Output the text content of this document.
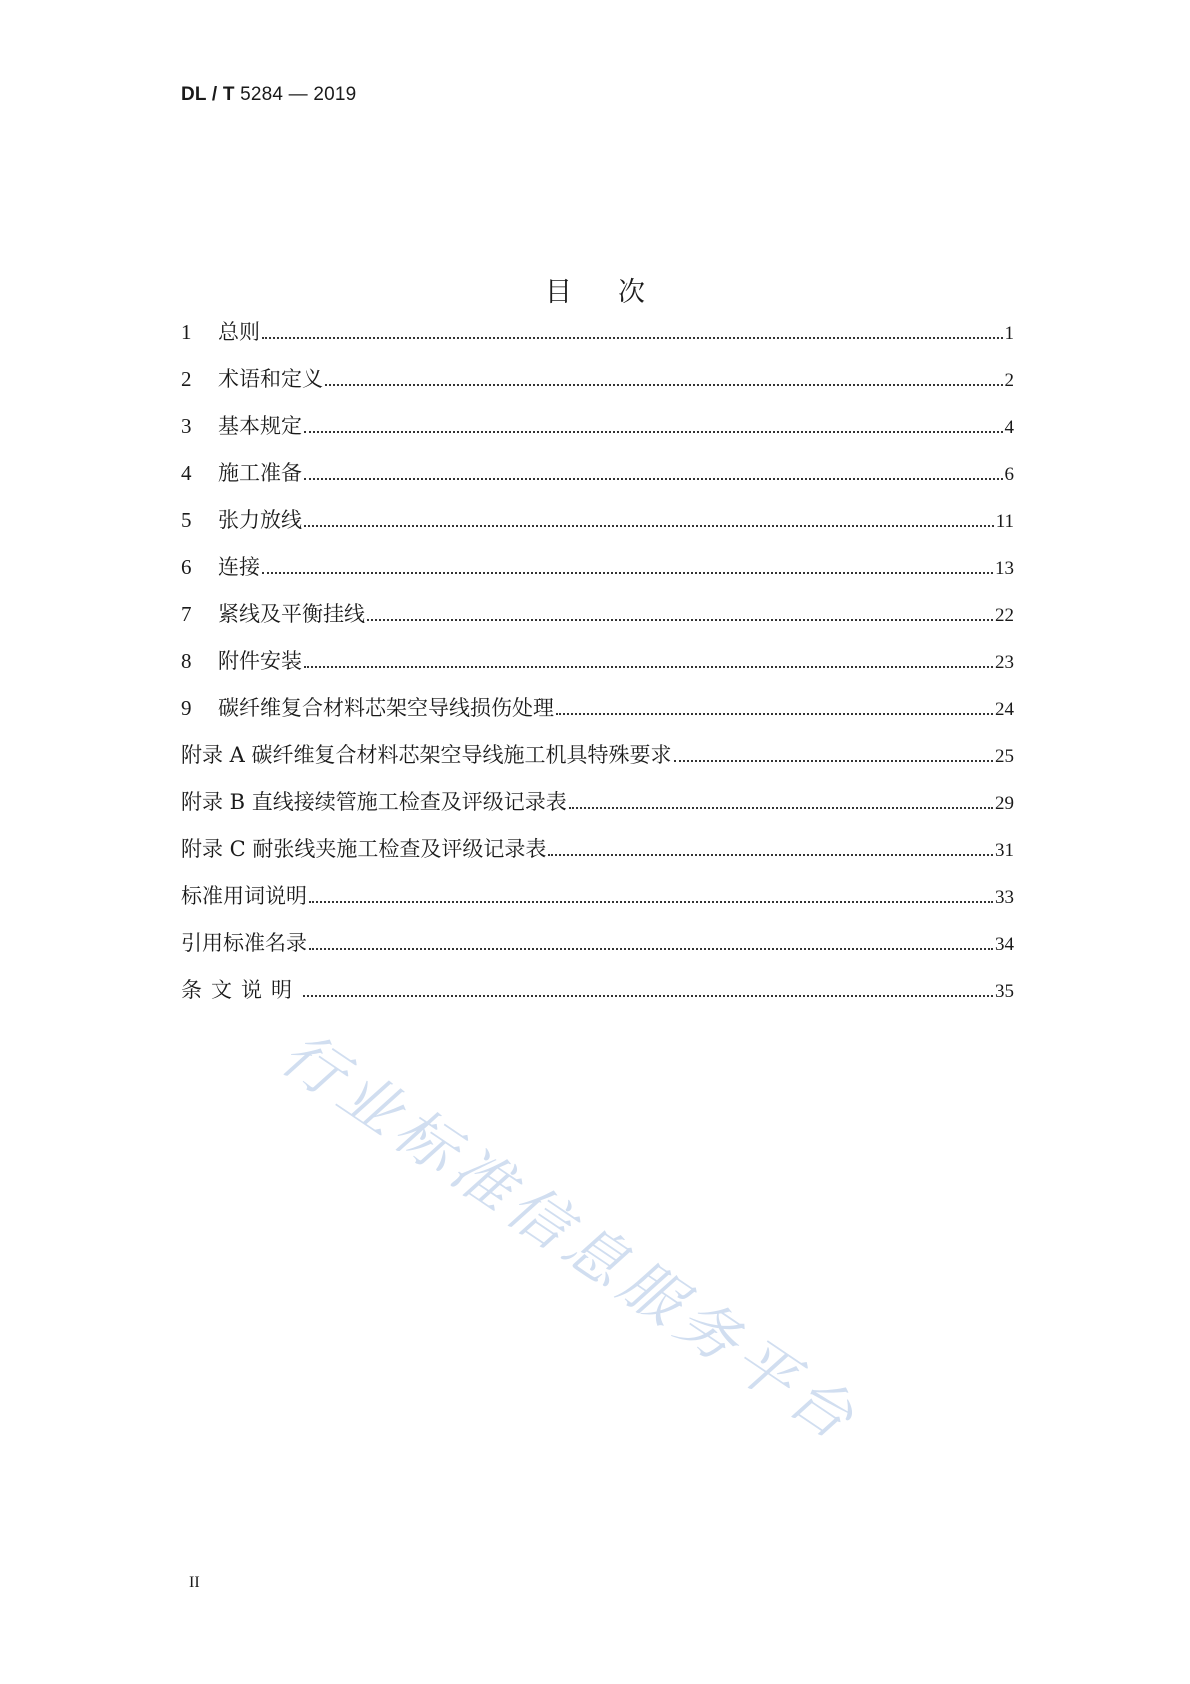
DL / T 5284 — 2019
目次
1	总则	1
2	术语和定义	2
3	基本规定	4
4	施工准备	6
5	张力放线	11
6	连接	13
7	紧线及平衡挂线	22
8	附件安装	23
9	碳纤维复合材料芯架空导线损伤处理	24
附录 A 碳纤维复合材料芯架空导线施工机具特殊要求	25
附录 B 直线接续管施工检查及评级记录表	29
附录 C 耐张线夹施工检查及评级记录表	31
标准用词说明	33
引用标准名录	34
条文说明	35
行业标准信息服务平台
II
